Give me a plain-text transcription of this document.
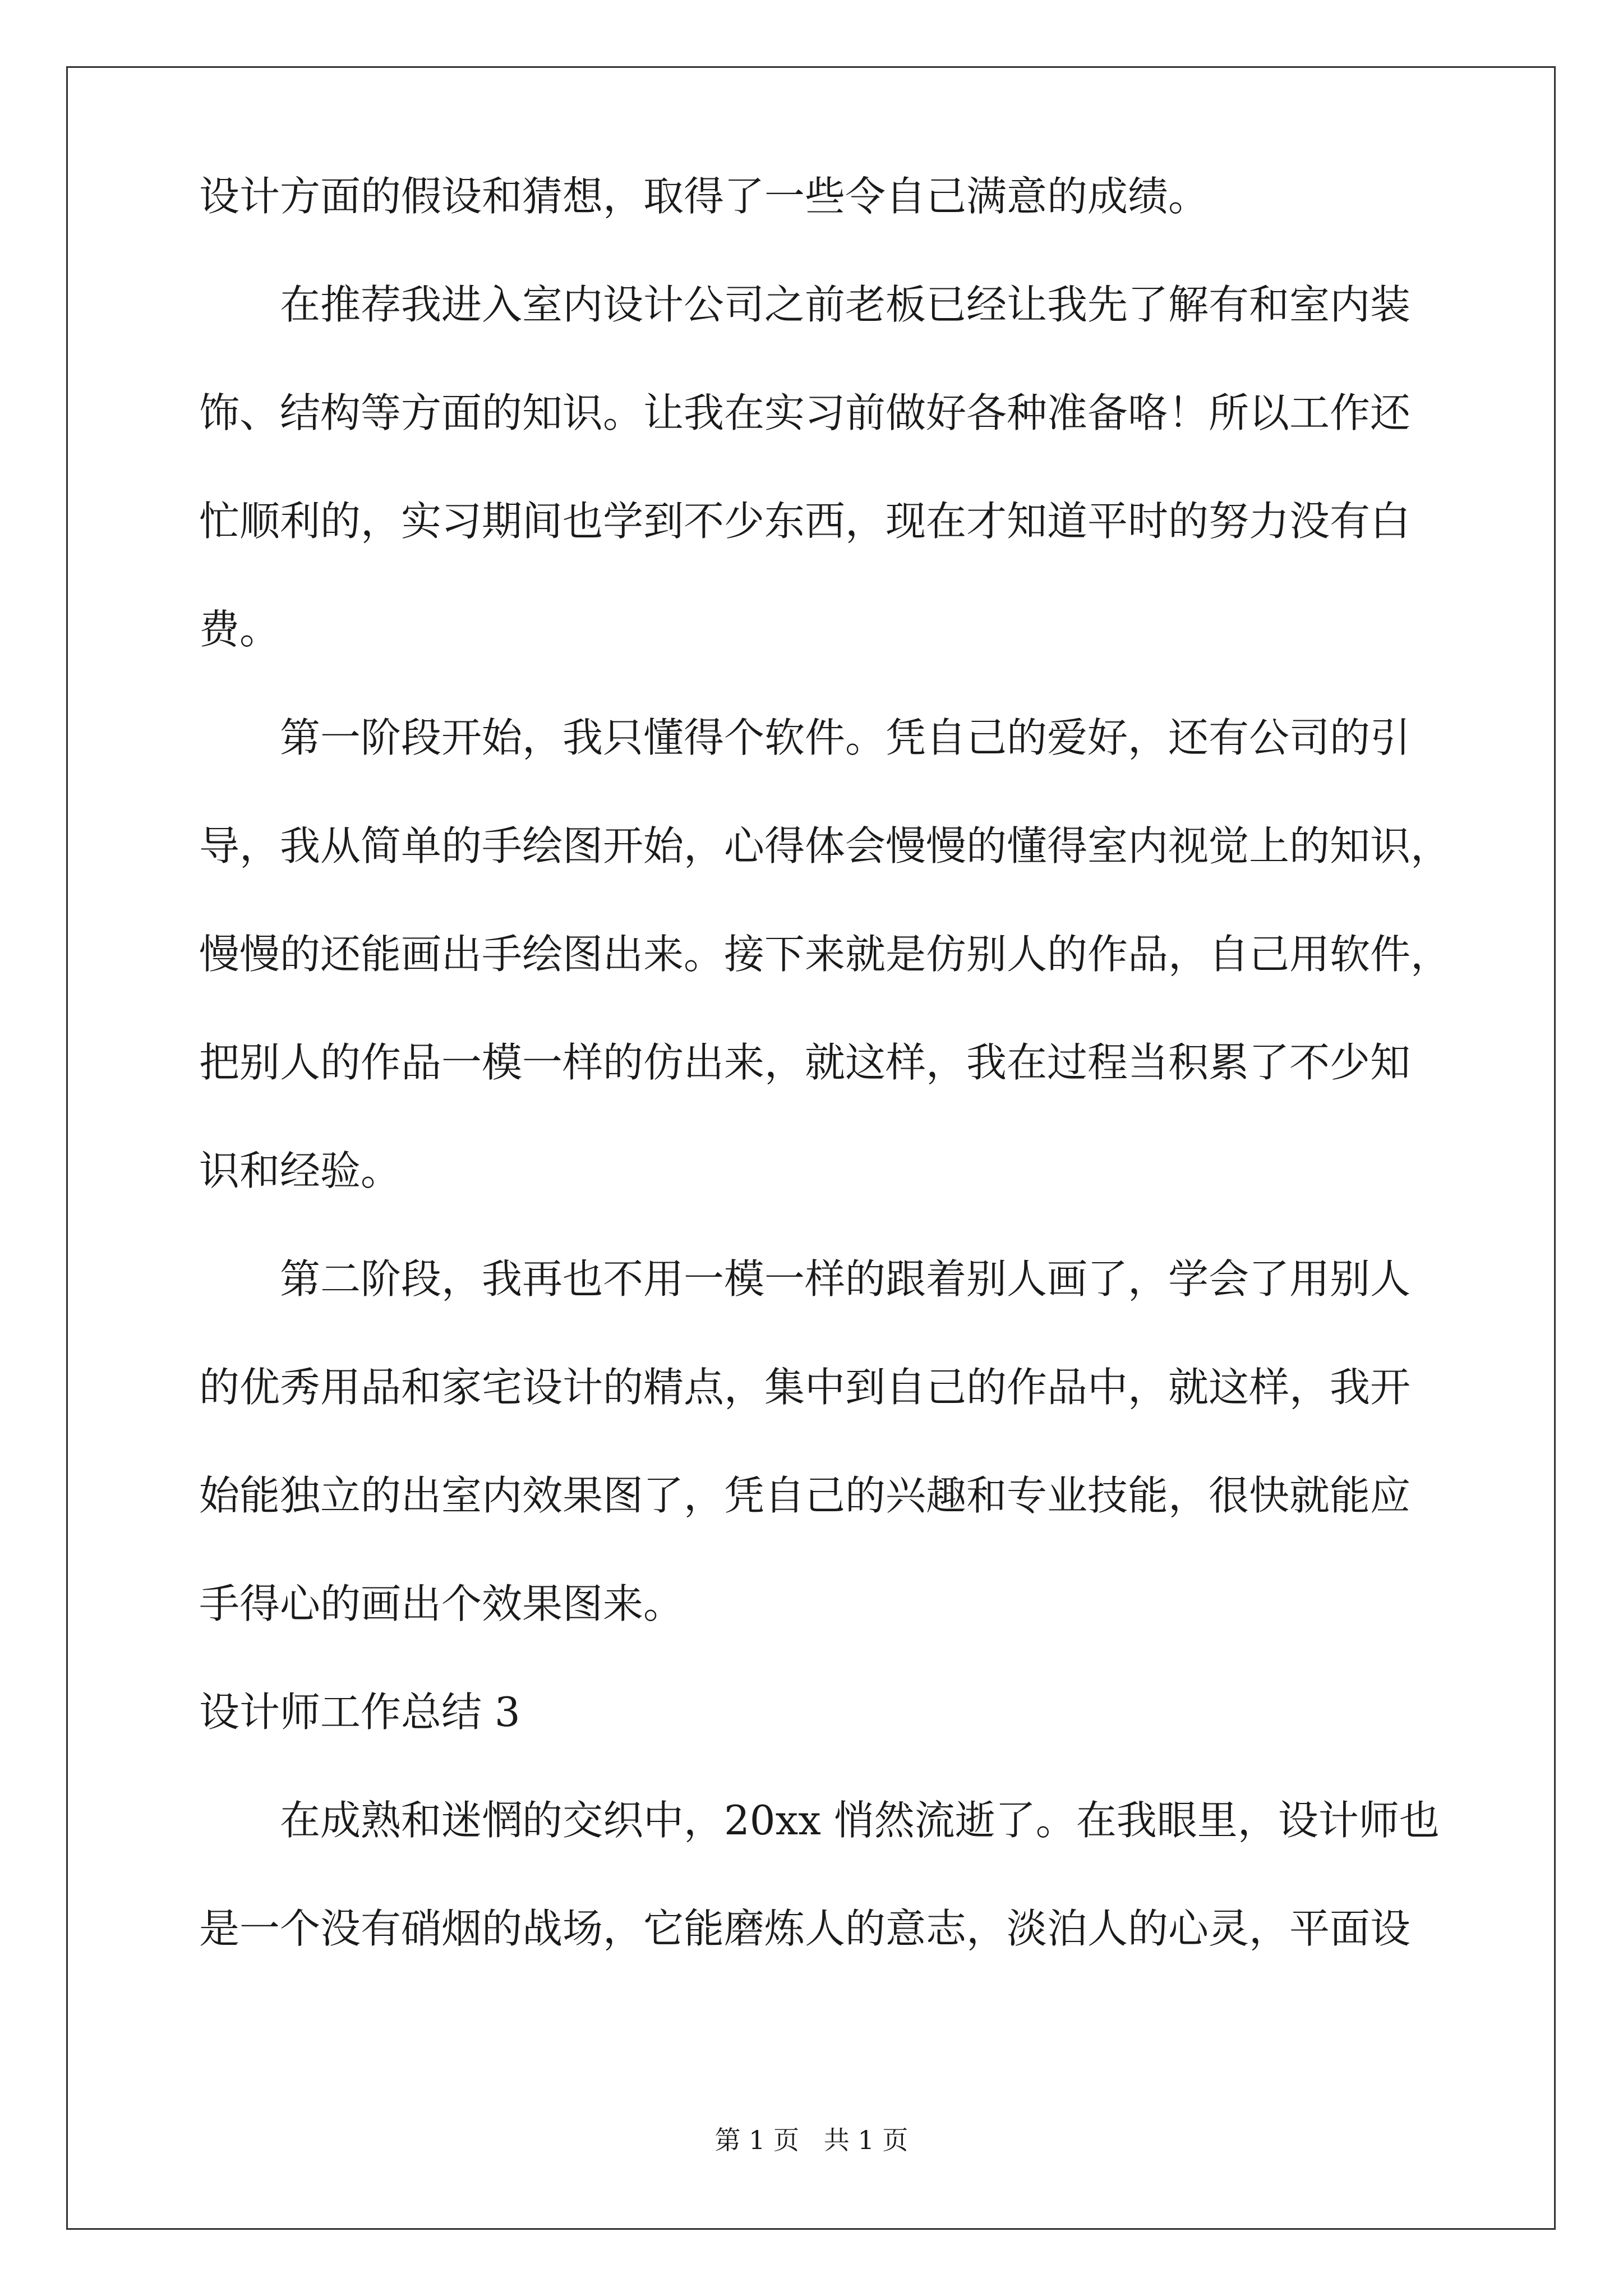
设计方面的假设和猜想，取得了一些令自己满意的成绩。
　　在推荐我进入室内设计公司之前老板已经让我先了解有和室内装
饰、结构等方面的知识。让我在实习前做好各种准备咯！所以工作还
忙顺利的，实习期间也学到不少东西，现在才知道平时的努力没有白
费。
　　第一阶段开始，我只懂得个软件。凭自己的爱好，还有公司的引
导，我从简单的手绘图开始，心得体会慢慢的懂得室内视觉上的知识，
慢慢的还能画出手绘图出来。接下来就是仿别人的作品，自己用软件，
把别人的作品一模一样的仿出来，就这样，我在过程当积累了不少知
识和经验。
　　第二阶段，我再也不用一模一样的跟着别人画了，学会了用别人
的优秀用品和家宅设计的精点，集中到自己的作品中，就这样，我开
始能独立的出室内效果图了，凭自己的兴趣和专业技能，很快就能应
手得心的画出个效果图来。
设计师工作总结 3
　　在成熟和迷惘的交织中，20xx 悄然流逝了。在我眼里，设计师也
是一个没有硝烟的战场，它能磨炼人的意志，淡泊人的心灵，平面设
第 1 页   共 1 页
